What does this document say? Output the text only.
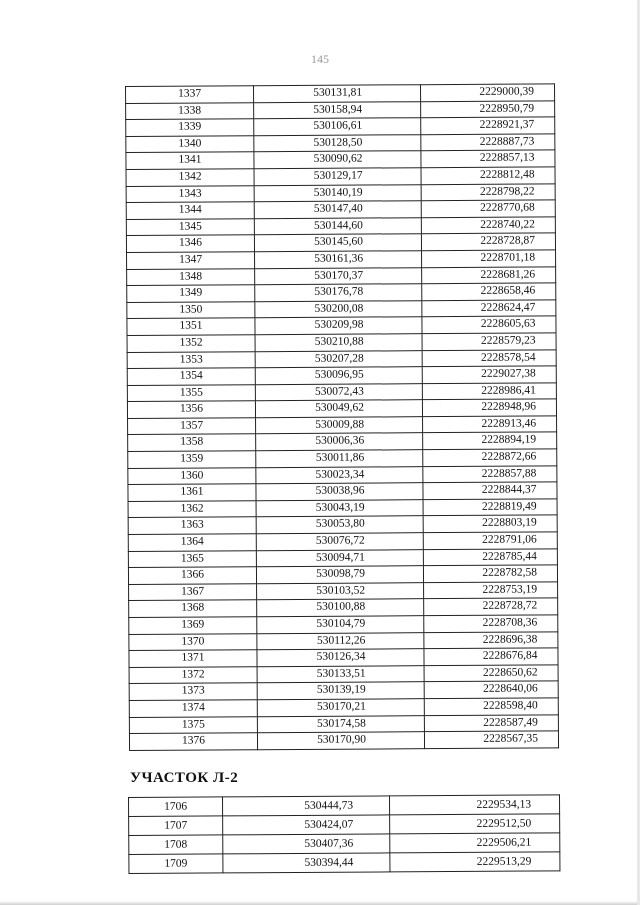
145
1337	530131,81	2229000,39
1338	530158,94	2228950,79
1339	530106,61	2228921,37
1340	530128,50	2228887,73
1341	530090,62	2228857,13
1342	530129,17	2228812,48
1343	530140,19	2228798,22
1344	530147,40	2228770,68
1345	530144,60	2228740,22
1346	530145,60	2228728,87
1347	530161,36	2228701,18
1348	530170,37	2228681,26
1349	530176,78	2228658,46
1350	530200,08	2228624,47
1351	530209,98	2228605,63
1352	530210,88	2228579,23
1353	530207,28	2228578,54
1354	530096,95	2229027,38
1355	530072,43	2228986,41
1356	530049,62	2228948,96
1357	530009,88	2228913,46
1358	530006,36	2228894,19
1359	530011,86	2228872,66
1360	530023,34	2228857,88
1361	530038,96	2228844,37
1362	530043,19	2228819,49
1363	530053,80	2228803,19
1364	530076,72	2228791,06
1365	530094,71	2228785,44
1366	530098,79	2228782,58
1367	530103,52	2228753,19
1368	530100,88	2228728,72
1369	530104,79	2228708,36
1370	530112,26	2228696,38
1371	530126,34	2228676,84
1372	530133,51	2228650,62
1373	530139,19	2228640,06
1374	530170,21	2228598,40
1375	530174,58	2228587,49
1376	530170,90	2228567,35
УЧАСТОК Л-2
1706	530444,73	2229534,13
1707	530424,07	2229512,50
1708	530407,36	2229506,21
1709	530394,44	2229513,29
